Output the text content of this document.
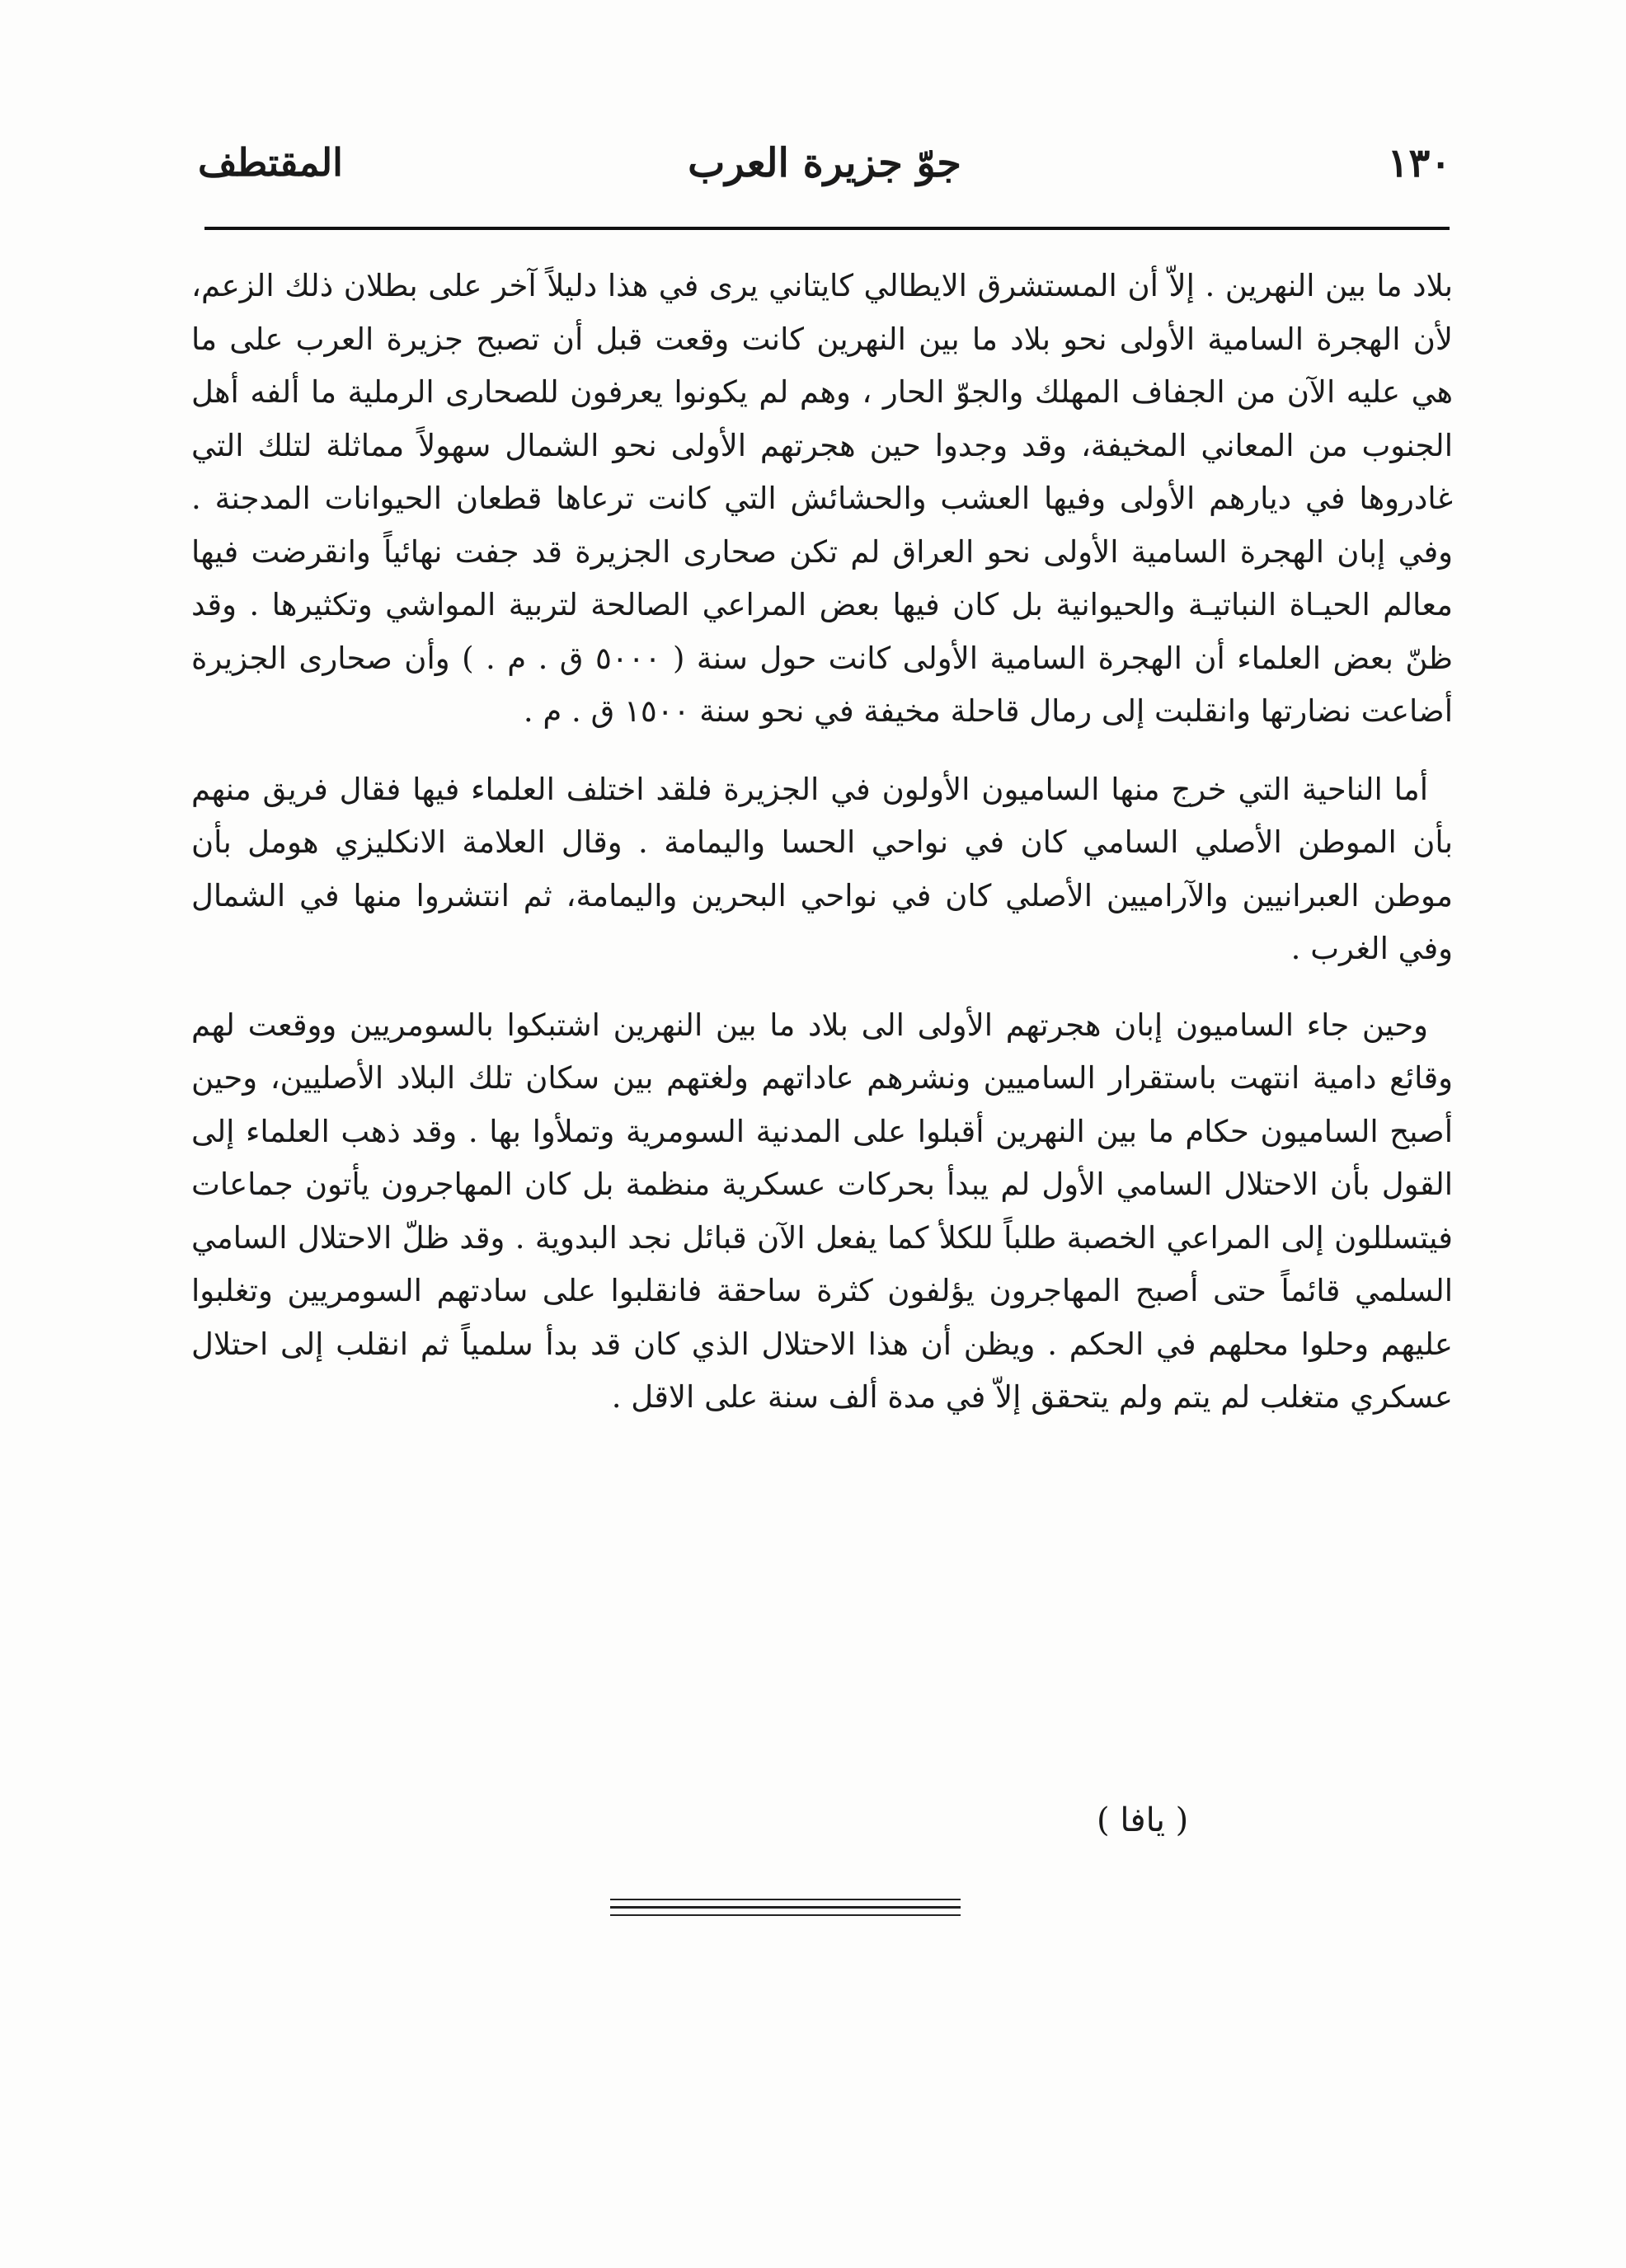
١٣٠
جوّ جزيرة العرب
المقتطف

بلاد ما بين النهرين . إلاّ أن المستشرق الايطالي كايتاني يرى في هذا دليلاً آخر على بطلان ذلك الزعم، لأن الهجرة السامية الأولى نحو بلاد ما بين النهرين كانت وقعت قبل أن تصبح جزيرة العرب على ما هي عليه الآن من الجفاف المهلك والجوّ الحار ، وهم لم يكونوا يعرفون للصحارى الرملية ما ألفه أهل الجنوب من المعاني المخيفة، وقد وجدوا حين هجرتهم الأولى نحو الشمال سهولاً مماثلة لتلك التي غادروها في ديارهم الأولى وفيها العشب والحشائش التي كانت ترعاها قطعان الحيوانات المدجنة . وفي إبان الهجرة السامية الأولى نحو العراق لم تكن صحارى الجزيرة قد جفت نهائياً وانقرضت فيها معالم الحيـاة النباتيـة والحيوانية بل كان فيها بعض المراعي الصالحة لتربية المواشي وتكثيرها . وقد ظنّ بعض العلماء أن الهجرة السامية الأولى كانت حول سنة ( ٥٠٠٠ ق . م . ) وأن صحارى الجزيرة أضاعت نضارتها وانقلبت إلى رمال قاحلة مخيفة في نحو سنة ١٥٠٠ ق . م .

أما الناحية التي خرج منها الساميون الأولون في الجزيرة فلقد اختلف العلماء فيها فقال فريق منهم بأن الموطن الأصلي السامي كان في نواحي الحسا واليمامة . وقال العلامة الانكليزي هومل بأن موطن العبرانيين والآراميين الأصلي كان في نواحي البحرين واليمامة، ثم انتشروا منها في الشمال وفي الغرب .

وحين جاء الساميون إبان هجرتهم الأولى الى بلاد ما بين النهرين اشتبكوا بالسومريين ووقعت لهم وقائع دامية انتهت باستقرار الساميين ونشرهم عاداتهم ولغتهم بين سكان تلك البلاد الأصليين، وحين أصبح الساميون حكام ما بين النهرين أقبلوا على المدنية السومرية وتملأوا بها . وقد ذهب العلماء إلى القول بأن الاحتلال السامي الأول لم يبدأ بحركات عسكرية منظمة بل كان المهاجرون يأتون جماعات فيتسللون إلى المراعي الخصبة طلباً للكلأ كما يفعل الآن قبائل نجد البدوية . وقد ظلّ الاحتلال السامي السلمي قائماً حتى أصبح المهاجرون يؤلفون كثرة ساحقة فانقلبوا على سادتهم السومريين وتغلبوا عليهم وحلوا محلهم في الحكم . ويظن أن هذا الاحتلال الذي كان قد بدأ سلمياً ثم انقلب إلى احتلال عسكري متغلب لم يتم ولم يتحقق إلاّ في مدة ألف سنة على الاقل .

( يافا )
